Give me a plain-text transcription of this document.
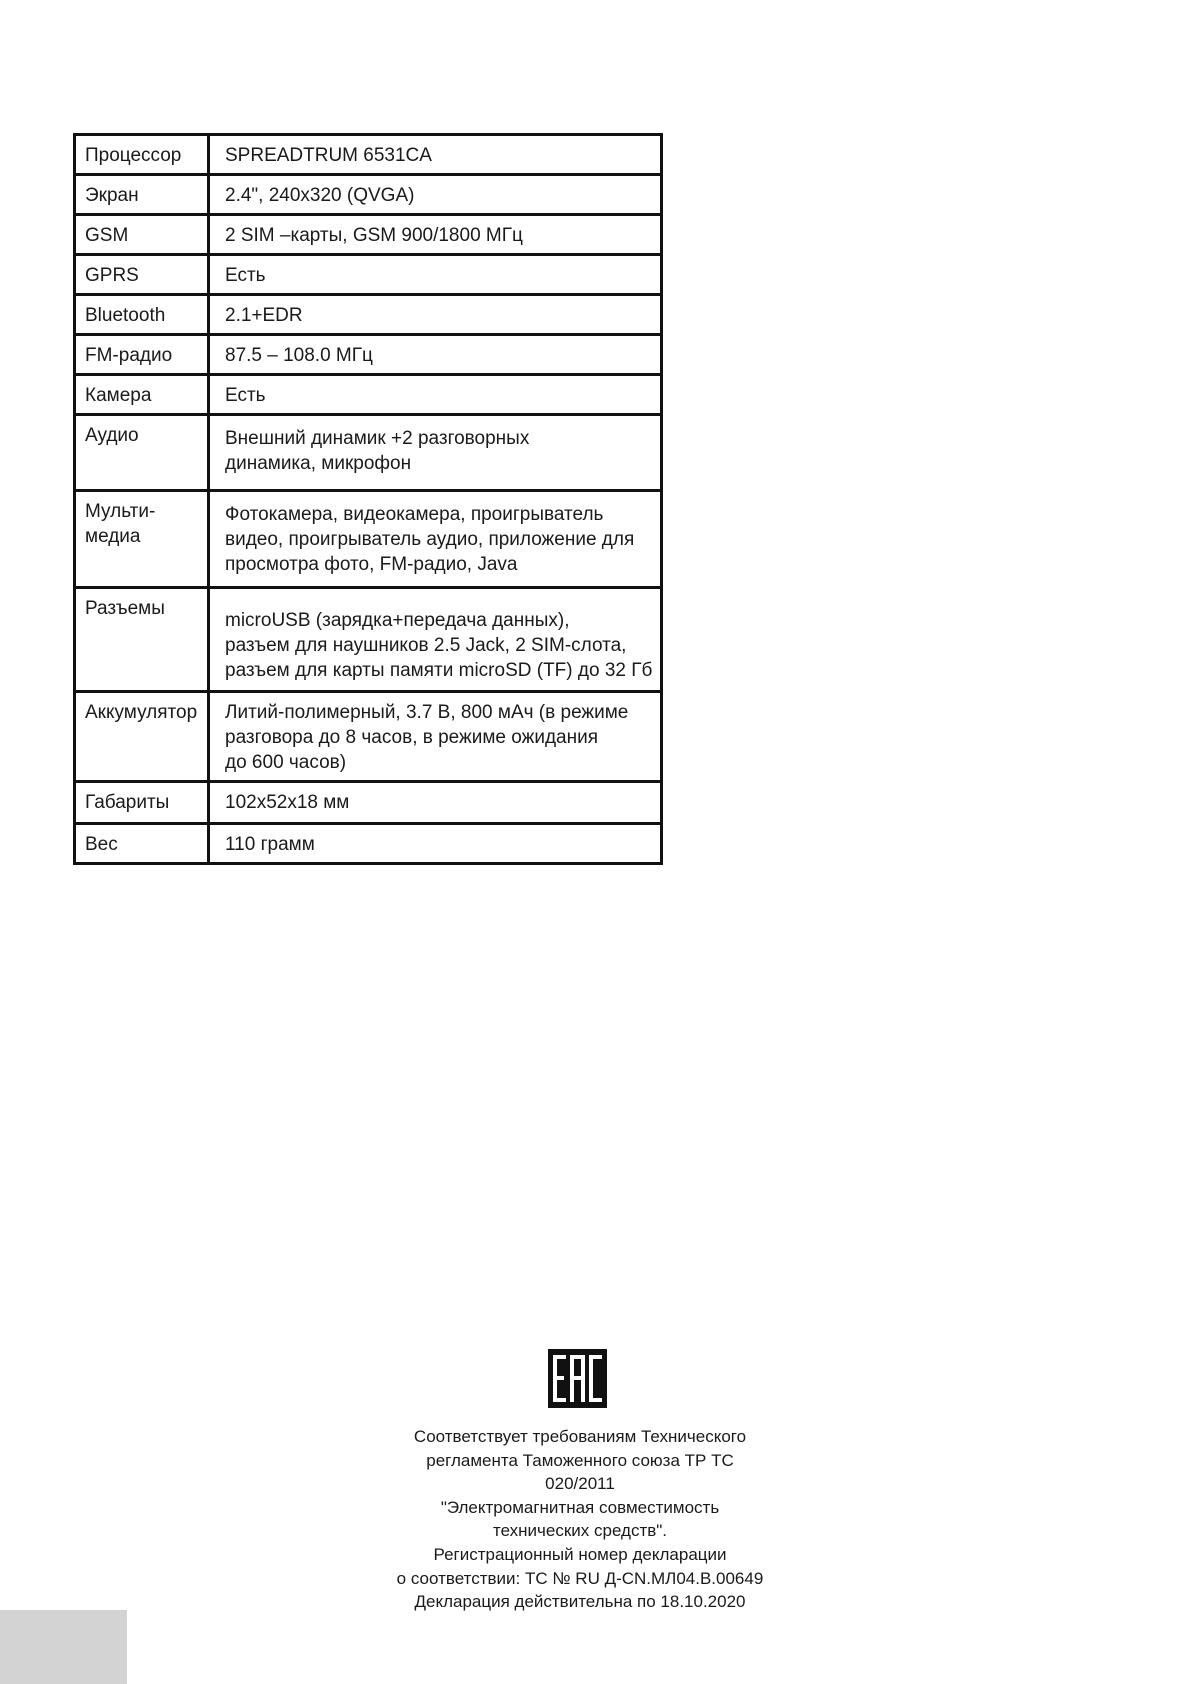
Процессор	SPREADTRUM 6531CA
Экран	2.4", 240х320 (QVGA)
GSM	2 SIM –карты, GSM 900/1800 МГц
GPRS	Есть
Bluetooth	2.1+EDR
FM-радио	87.5 – 108.0 МГц
Камера	Есть
Аудио	Внешний динамик +2 разговорных
динамика, микрофон

Мульти-
медиа	Фотокамера, видеокамера, проигрыватель
видео, проигрыватель аудио, приложение для
просмотра фото, FM-радио, Java

Разъемы	microUSB (зарядка+передача данных),
разъем для наушников 2.5 Jack, 2 SIM-слота,
разъем для карты памяти microSD (TF) до 32 Гб

Аккумулятор	Литий-полимерный, 3.7 В, 800 мАч (в режиме
разговора до 8 часов, в режиме ожидания
до 600 часов)
Габариты	102х52х18 мм
Вес	110 грамм
Соответствует требованиям Технического
регламента Таможенного союза ТР ТС
020/2011
"Электромагнитная совместимость
технических средств".
Регистрационный номер декларации
о соответствии: ТС № RU Д-CN.МЛ04.В.00649
Декларация действительна по 18.10.2020
